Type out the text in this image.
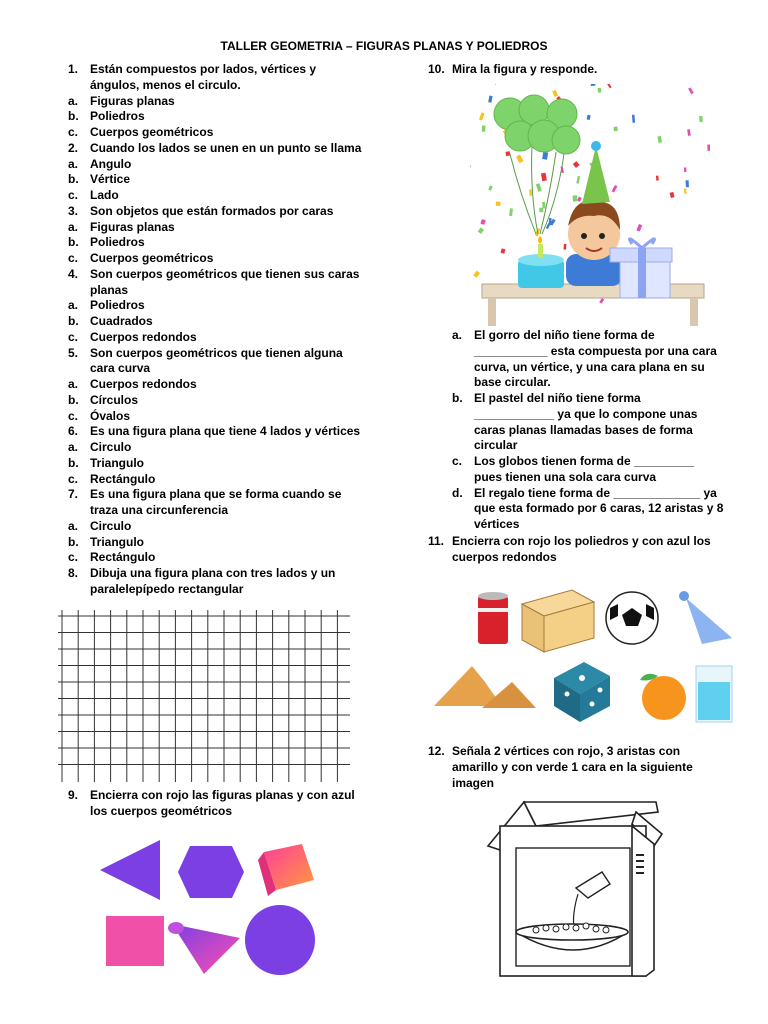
TALLER GEOMETRIA – FIGURAS PLANAS Y POLIEDROS
1. Están compuestos por lados, vértices y
ángulos, menos el circulo.
a. Figuras planas
b. Poliedros
c. Cuerpos geométricos
2. Cuando los lados se unen en un punto se llama
a. Angulo
b. Vértice
c. Lado
3. Son objetos que están formados por caras
a. Figuras planas
b. Poliedros
c. Cuerpos geométricos
4. Son cuerpos geométricos que tienen sus caras
planas
a. Poliedros
b. Cuadrados
c. Cuerpos redondos
5. Son cuerpos geométricos que tienen alguna
cara curva
a. Cuerpos redondos
b. Círculos
c. Óvalos
6. Es una figura plana que tiene 4 lados y vértices
a. Circulo
b. Triangulo
c. Rectángulo
7. Es una figura plana que se forma cuando se
traza una circunferencia
a. Circulo
b. Triangulo
c. Rectángulo
8. Dibuja una figura plana con tres lados y un
paralelepípedo rectangular
9. Encierra con rojo las figuras planas y con azul
los cuerpos geométricos
10. Mira la figura y responde.
a. El gorro del niño tiene forma de
___________ esta compuesta por una cara
curva, un vértice, y una cara plana en su
base circular.
b. El pastel del niño tiene forma
____________ ya que lo compone unas
caras planas llamadas bases de forma
circular
c. Los globos tienen forma de _________
pues tienen una sola cara curva
d. El regalo tiene forma de _____________ ya
que esta formado por 6 caras, 12 aristas y 8
vértices
11. Encierra con rojo los poliedros y con azul los
cuerpos redondos
12. Señala 2 vértices con rojo, 3 aristas con
amarillo y con verde 1 cara en la siguiente
imagen
